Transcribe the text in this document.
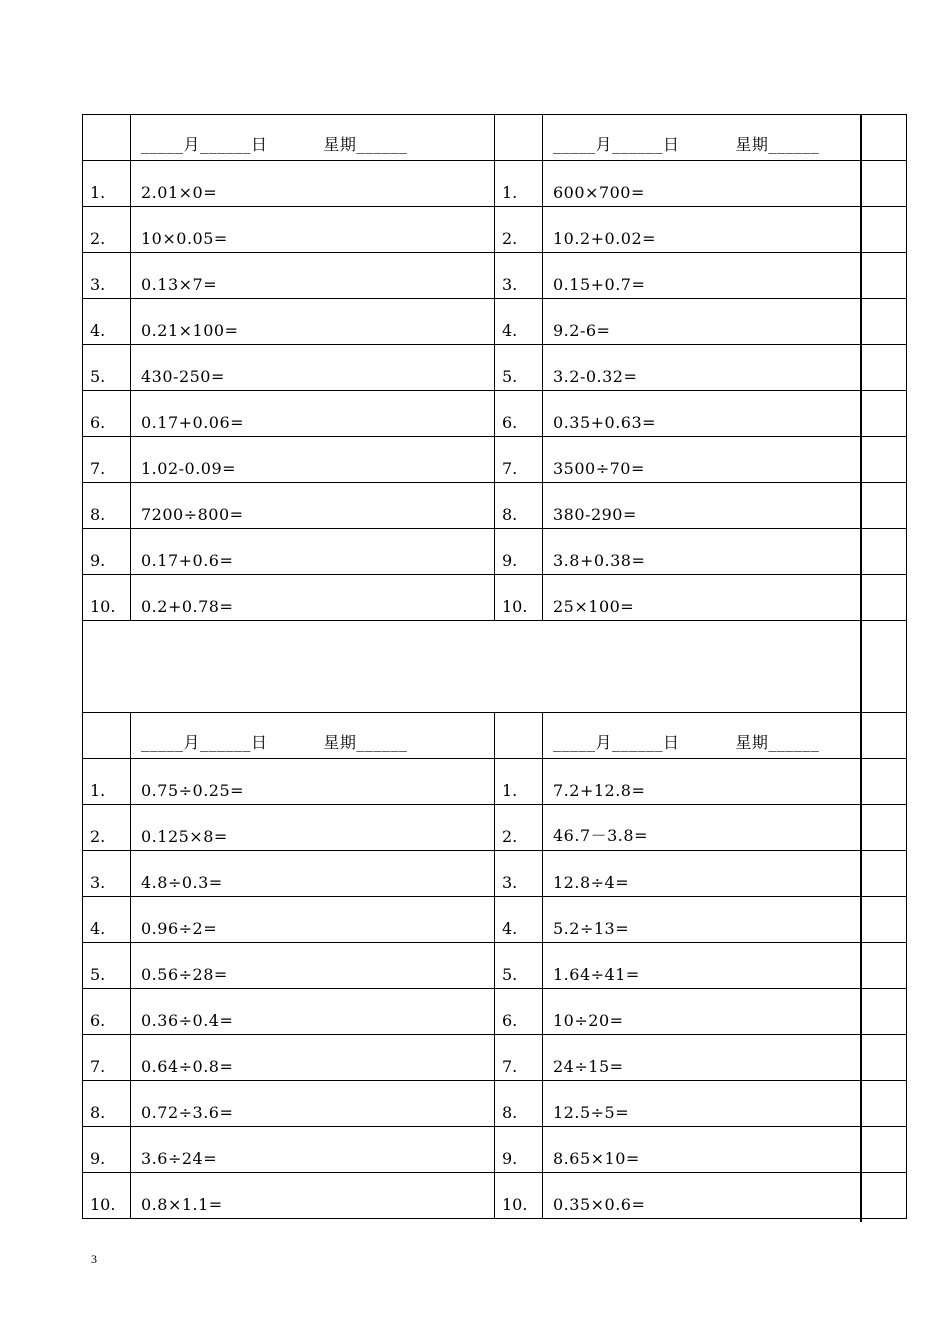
	_____月______日          星期______		_____月______日          星期______
1.	2.01×0=	1.	600×700=
2.	10×0.05=	2.	10.2+0.02=
3.	0.13×7=	3.	0.15+0.7=
4.	0.21×100=	4.	9.2-6=
5.	430-250=	5.	3.2-0.32=
6.	0.17+0.06=	6.	0.35+0.63=
7.	1.02-0.09=	7.	3500÷70=
8.	7200÷800=	8.	380-290=
9.	0.17+0.6=	9.	3.8+0.38=
10.	0.2+0.78=	10.	25×100=

	_____月______日          星期______		_____月______日          星期______
1.	0.75÷0.25=	1.	7.2+12.8=
2.	0.125×8=	2.	46.7－3.8=
3.	4.8÷0.3=	3.	12.8÷4=
4.	0.96÷2=	4.	5.2÷13=
5.	0.56÷28=	5.	1.64÷41=
6.	0.36÷0.4=	6.	10÷20=
7.	0.64÷0.8=	7.	24÷15=
8.	0.72÷3.6=	8.	12.5÷5=
9.	3.6÷24=	9.	8.65×10=
10.	0.8×1.1=	10.	0.35×0.6=
3
